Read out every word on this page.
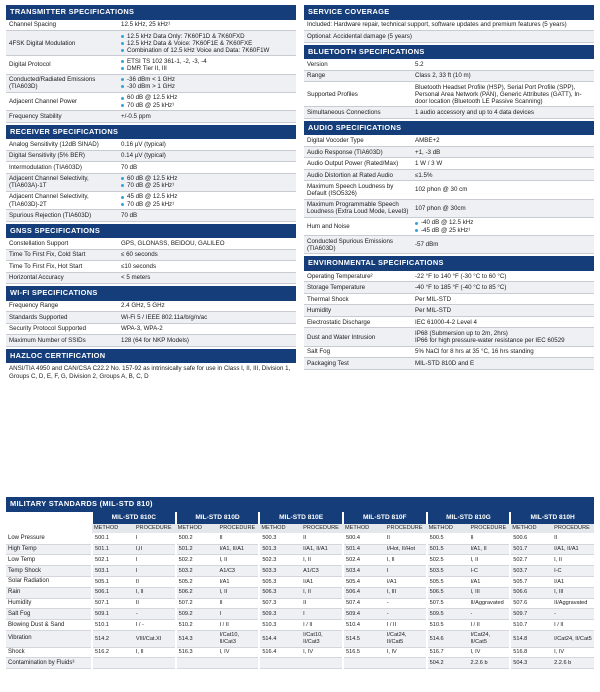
TRANSMITTER SPECIFICATIONS
Channel Spacing	12.5 kHz, 25 kHz¹
4FSK Digital Modulation
12.5 kHz Data Only: 7K60F1D & 7K60FXD
12.5 kHz Data & Voice: 7K60F1E & 7K60FXE
Combination of 12.5 kHz Voice and Data: 7K60F1W
Digital Protocol
ETSI TS 102 361-1, -2, -3, -4
DMR Tier II, III
Conducted/Radiated Emissions (TIA603D)
-36 dBm < 1 GHz
-30 dBm > 1 GHz
Adjacent Channel Power
60 dB @ 12.5 kHz
70 dB @ 25 kHz¹
Frequency Stability	+/-0.5 ppm
RECEIVER SPECIFICATIONS
Analog Sensitivity (12dB SINAD)	0.16 µV (typical)
Digital Sensitivity (5% BER)	0.14 µV (typical)
Intermodulation (TIA603D)	70 dB
Adjacent Channel Selectivity, (TIA603A)-1T
60 dB @ 12.5 kHz
70 dB @ 25 kHz¹
Adjacent Channel Selectivity, (TIA603D)-2T
45 dB @ 12.5 kHz
70 dB @ 25 kHz¹
Spurious Rejection (TIA603D)	70 dB
GNSS SPECIFICATIONS
Constellation Support	GPS, GLONASS, BEIDOU, GALILEO
Time To First Fix, Cold Start	≤ 60 seconds
Time To First Fix, Hot Start	≤10 seconds
Horizontal Accuracy	< 5 meters
WI-FI SPECIFICATIONS
Frequency Range	2.4 GHz, 5 GHz
Standards Supported	Wi-Fi 5 / IEEE 802.11a/b/g/n/ac
Security Protocol Supported	WPA-3, WPA-2
Maximum Number of SSIDs	128 (64 for NKP Models)
HAZLOC CERTIFICATION
ANSI/TIA 4950 and CAN/CSA C22.2 No. 157-92 as intrinsically safe for use in Class I, II, III, Division 1, Groups C, D, E, F, G, Division 2, Groups A, B, C, D
SERVICE COVERAGE
Included: Hardware repair, technical support, software updates and premium features (5 years)
Optional: Accidental damage (5 years)
BLUETOOTH SPECIFICATIONS
Version	5.2
Range	Class 2, 33 ft (10 m)
Supported Profiles
Bluetooth Headset Profile (HSP), Serial Port Profile (SPP), Personal Area Network (PAN), Generic Attributes (GATT), In-door location (Bluetooth LE Passive Scanning)
Simultaneous Connections	1 audio accessory and up to 4 data devices
AUDIO SPECIFICATIONS
Digital Vocoder Type	AMBE+2
Audio Response (TIA603D)	+1, -3 dB
Audio Output Power (Rated/Max)	1 W / 3 W
Audio Distortion at Rated Audio	≤1.5%
Maximum Speech Loudness by Default (ISO5326)
102 phon @ 30 cm
Maximum Programmable Speech Loudness (Extra Loud Mode, Level3)
107 phon @ 30cm
Hum and Noise
-40 dB @ 12.5 kHz
-45 dB @ 25 kHz¹
Conducted Spurious Emissions (TIA603D)
-57 dBm
ENVIRONMENTAL SPECIFICATIONS
Operating Temperature²	-22 °F to 140 °F (-30 °C to 60 °C)
Storage Temperature	-40 °F to 185 °F (-40 °C to 85 °C)
Thermal Shock	Per MIL-STD
Humidity	Per MIL-STD
Electrostatic Discharge	IEC 61000-4-2 Level 4
Dust and Water Intrusion
IP68 (Submersion up to 2m, 2hrs)
IP66 for high pressure-water resistance per IEC 60529
Salt Fog	5% NaCl for 8 hrs at 35 °C, 16 hrs standing
Packaging Test	MIL-STD 810D and E
MILITARY STANDARDS (MIL-STD 810)
	MIL-STD 810C		MIL-STD 810D		MIL-STD 810E		MIL-STD 810F		MIL-STD 810G		MIL-STD 810H	
	METHOD	PROCEDURE	METHOD	PROCEDURE	METHOD	PROCEDURE	METHOD	PROCEDURE	METHOD	PROCEDURE	METHOD	PROCEDURE
Low Pressure	500.1	I	500.2	II	500.3	II	500.4	II	500.5	II	500.6	II
High Temp	501.1	I,II	501.2	I/A1, II/A1	501.3	I/A1, II/A1	501.4	I/Hot, II/Hot	501.5	I/A1, II	501.7	I/A1, II/A1
Low Temp	502.1	I	502.2	I, II	502.3	I, II	502.4	I, II	502.5	I, II	502.7	I, II
Temp Shock	503.1	I	503.2	A1/C3	503.3	A1/C3	503.4	I	503.5	I-C	503.7	I-C
Solar Radiation	505.1	II	505.2	I/A1	505.3	I/A1	505.4	I/A1	505.5	I/A1	505.7	I/A1
Rain	506.1	I, II	506.2	I, II	506.3	I, II	506.4	I, III	506.5	I, III	506.6	I, III
Humidity	507.1	II	507.2	II	507.3	II	507.4	-	507.5	II/Aggravated	507.6	II/Aggravated
Salt Fog	509.1	-	509.2	I	509.3	I	509.4	-	509.5	-	509.7	-
Blowing Dust & Sand	510.1	I / -	510.2	I / II	510.3	I / II	510.4	I / II	510.5	I / II	510.7	I / II
Vibration	514.2	VIII/Cat.XI	514.3	I/Cat10, II/Cat3	514.4	I/Cat10, II/Cat3	514.5	I/Cat24, II/Cat5	514.6	I/Cat24, II/Cat5	514.8	I/Cat24, II/Cat5
Shock	516.2	I, II	516.3	I, IV	516.4	I, IV	516.5	I, IV	516.7	I, IV	516.8	I, IV
Contamination by Fluids³									504.2	2.2.6 b	504.3	2.2.6 b
